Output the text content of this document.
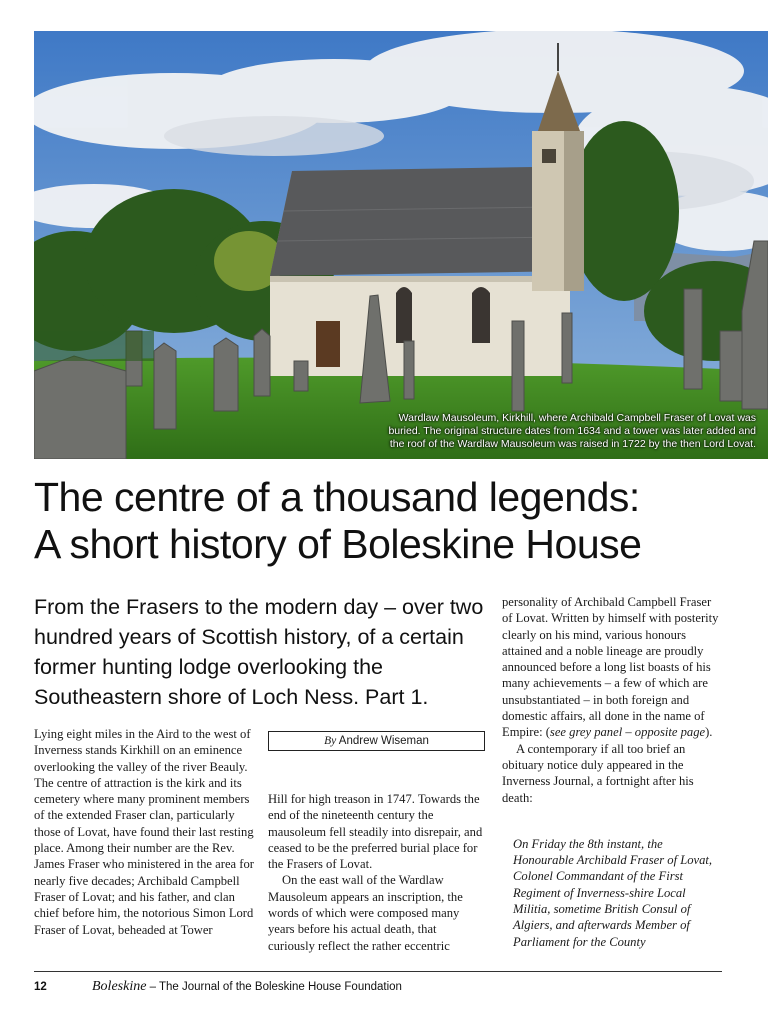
Wardlaw Mausoleum, Kirkhill, where Archibald Campbell Fraser of Lovat was
buried. The original structure dates from 1634 and a tower was later added and
the roof of the Wardlaw Mausoleum was raised in 1722 by the then Lord Lovat.
The centre of a thousand legends:
A short history of Boleskine House

From the Frasers to the modern day – over two hundred years of Scottish history, of a certain former hunting lodge overlooking the Southeastern shore of Loch Ness. Part 1.

By Andrew Wiseman

Lying eight miles in the Aird to the west of Inverness stands Kirkhill on an eminence overlooking the valley of the river Beauly. The centre of attraction is the kirk and its cemetery where many prominent members of the extended Fraser clan, particularly those of Lovat, have found their last resting place. Among their number are the Rev. James Fraser who ministered in the area for nearly five decades; Archibald Campbell Fraser of Lovat; and his father, and clan chief before him, the notorious Simon Lord Fraser of Lovat, beheaded at Tower

Hill for high treason in 1747. Towards the end of the nineteenth century the mausoleum fell steadily into disrepair, and ceased to be the preferred burial place for the Frasers of Lovat.

On the east wall of the Wardlaw Mausoleum appears an inscription, the words of which were composed many years before his actual death, that curiously reflect the rather eccentric

personality of Archibald Campbell Fraser of Lovat. Written by himself with posterity clearly on his mind, various honours attained and a noble lineage are proudly announced before a long list boasts of his many achievements – a few of which are unsubstantiated – in both foreign and domestic affairs, all done in the name of Empire: (see grey panel – opposite page).

A contemporary if all too brief an obituary notice duly appeared in the Inverness Journal, a fortnight after his death:

On Friday the 8th instant, the Honourable Archibald Fraser of Lovat, Colonel Commandant of the First Regiment of Inverness-shire Local Militia, sometime British Consul of Algiers, and afterwards Member of Parliament for the County

12	Boleskine – The Journal of the Boleskine House Foundation
